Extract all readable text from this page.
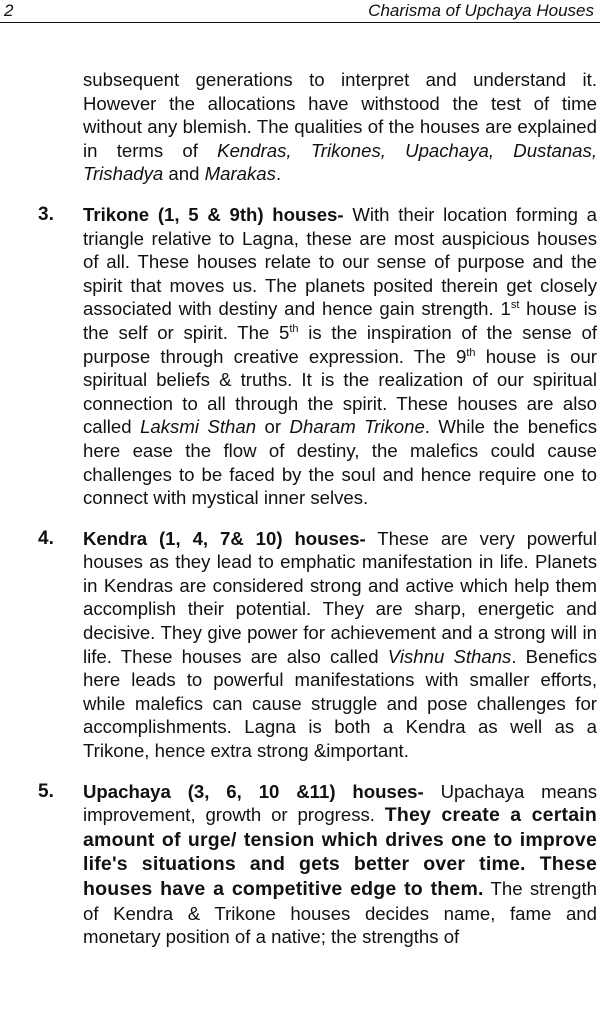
2	Charisma of Upchaya Houses

subsequent generations to interpret and understand it. However the allocations have withstood the test of time without any blemish. The qualities of the houses are explained in terms of Kendras, Trikones, Upachaya, Dustanas, Trishadya and Marakas.

3. Trikone (1, 5 & 9th) houses- With their location forming a triangle relative to Lagna, these are most auspicious houses of all. These houses relate to our sense of purpose and the spirit that moves us. The planets posited therein get closely associated with destiny and hence gain strength. 1st house is the self or spirit. The 5th is the inspiration of the sense of purpose through creative expression. The 9th house is our spiritual beliefs & truths. It is the realization of our spiritual connection to all through the spirit. These houses are also called Laksmi Sthan or Dharam Trikone. While the benefics here ease the flow of destiny, the malefics could cause challenges to be faced by the soul and hence require one to connect with mystical inner selves.

4. Kendra (1, 4, 7& 10) houses- These are very powerful houses as they lead to emphatic manifestation in life. Planets in Kendras are considered strong and active which help them accomplish their potential. They are sharp, energetic and decisive. They give power for achievement and a strong will in life. These houses are also called Vishnu Sthans. Benefics here leads to powerful manifestations with smaller efforts, while malefics can cause struggle and pose challenges for accomplishments. Lagna is both a Kendra as well as a Trikone, hence extra strong &important.

5. Upachaya (3, 6, 10 &11) houses- Upachaya means improvement, growth or progress. They create a certain amount of urge/ tension which drives one to improve life's situations and gets better over time. These houses have a competitive edge to them. The strength of Kendra & Trikone houses decides name, fame and monetary position of a native; the strengths of
